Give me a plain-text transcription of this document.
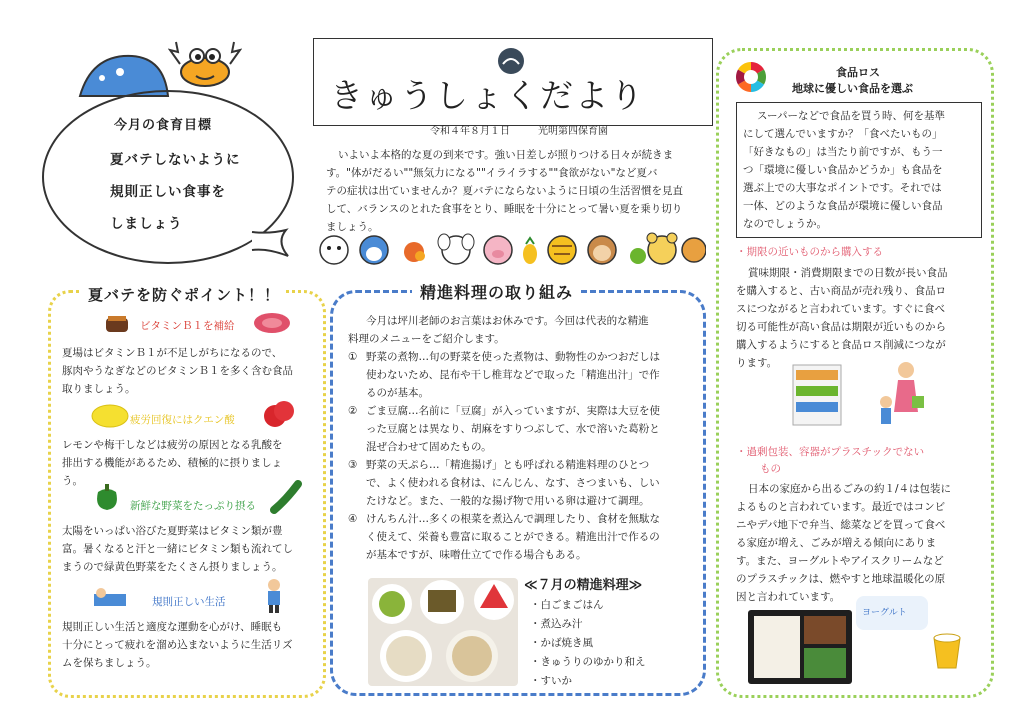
今月の食育目標
夏バテしないように
規則正しい食事を
しましょう
夏バテを防ぐポイント！！
ビタミンＢ１を補給
夏場はビタミンＢ１が不足しがちになるので、
豚肉やうなぎなどのビタミンＢ１を多く含む食品
取りましょう。
疲労回復にはクエン酸
レモンや梅干しなどは疲労の原因となる乳酸を
排出する機能があるため、積極的に摂りましょ
う。
新鮮な野菜をたっぷり摂る
太陽をいっぱい浴びた夏野菜はビタミン類が豊
富。暑くなると汗と一緒にビタミン類も流れてし
まうので緑黄色野菜をたくさん摂りましょう。
規則正しい生活
規則正しい生活と適度な運動を心がけ、睡眠も
十分にとって疲れを溜め込まないように生活リズ
ムを保ちましょう。
きゅうしょくだより
令和４年８月１日	光明第四保育園
いよいよ本格的な夏の到来です。強い日差しが照りつける日々が続きま
す。"体がだるい""無気力になる""イライラする""食欲がない"など夏バ
テの症状は出ていませんか？夏バテにならないように日頃の生活習慣を見直
して、バランスのとれた食事をとり、睡眠を十分にとって暑い夏を乗り切り
ましょう。
精進料理の取り組み
今月は坪川老師のお言葉はお休みです。今回は代表的な精進
料理のメニューをご紹介します。
① 野菜の煮物…旬の野菜を使った煮物は、動物性のかつおだしは
使わないため、昆布や干し椎茸などで取った「精進出汁」で作
るのが基本。
② ごま豆腐…名前に「豆腐」が入っていますが、実際は大豆を使
った豆腐とは異なり、胡麻をすりつぶして、水で溶いた葛粉と
混ぜ合わせて固めたもの。
③ 野菜の天ぷら…「精進揚げ」とも呼ばれる精進料理のひとつ
で、よく使われる食材は、にんじん、なす、さつまいも、しい
たけなど。また、一般的な揚げ物で用いる卵は避けて調理。
④ けんちん汁…多くの根菜を煮込んで調理したり、食材を無駄な
く使えて、栄養も豊富に取ることができる。精進出汁で作るの
が基本ですが、味噌仕立てで作る場合もある。
≪７月の精進料理≫
・白ごまごはん
・煮込み汁
・かば焼き風
・きゅうりのゆかり和え
・すいか
食品ロス
地球に優しい食品を選ぶ
スーパーなどで食品を買う時、何を基準
にして選んでいますか？「食べたいもの」
「好きなもの」は当たり前ですが、もう一
つ「環境に優しい食品かどうか」も食品を
選ぶ上での大事なポイントです。それでは
一体、どのような食品が環境に優しい食品
なのでしょうか。
・期限の近いものから購入する
賞味期限・消費期限までの日数が長い食品
を購入すると、古い商品が売れ残り、食品ロ
スにつながると言われています。すぐに食べ
切る可能性が高い食品は期限が近いものから
購入するようにすると食品ロス削減につなが
ります。
・過剰包装、容器がプラスチックでない
もの
日本の家庭から出るごみの約１/４は包装に
よるものと言われています。最近ではコンビ
ニやデパ地下で弁当、総菜などを買って食べ
る家庭が増え、ごみが増える傾向にありま
す。また、ヨーグルトやアイスクリームなど
のプラスチックは、燃やすと地球温暖化の原
因と言われています。
ヨーグルト
